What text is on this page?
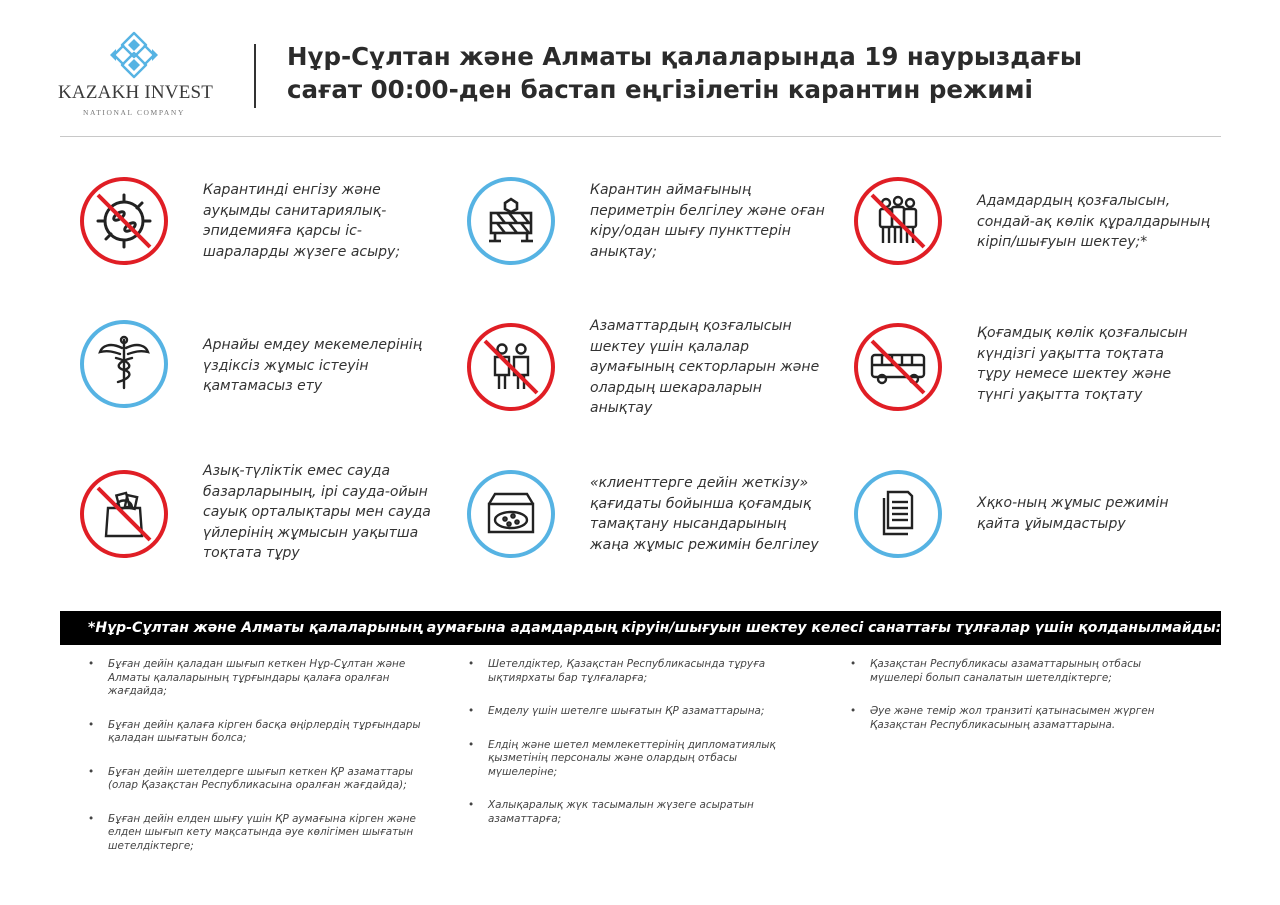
KAZAKH INVEST
NATIONAL COMPANY
Нұр-Сұлтан және Алматы қалаларында 19 наурыздағы
сағат 00:00-ден бастап еңгізілетін карантин режимі
Карантинді енгізу және
ауқымды санитариялық-
эпидемияға қарсы іс-
шараларды жүзеге асыру;
Карантин аймағының
периметрін белгілеу және оған
кіру/одан шығу пункттерін
анықтау;
Адамдардың қозғалысын,
сондай-ақ көлік құралдарының
кіріп/шығуын шектеу;*
Арнайы емдеу мекемелерінің
үздіксіз жұмыс істеуін
қамтамасыз ету
Азаматтардың қозғалысын
шектеу үшін қалалар
аумағының секторларын және
олардың шекараларын
анықтау
Қоғамдық көлік қозғалысын
күндізгі уақытта тоқтата
тұру немесе шектеу және
түнгі уақытта тоқтату
Азық-түліктік емес сауда
базарларының, ірі сауда-ойын
сауық орталықтары мен сауда
үйлерінің жұмысын уақытша
тоқтата тұру
«клиенттерге дейін жеткізу»
қағидаты бойынша қоғамдық
тамақтану нысандарының
жаңа жұмыс режимін белгілеу
Хқко-ның жұмыс режимін
қайта ұйымдастыру
*Нұр-Сұлтан және Алматы қалаларының аумағына адамдардың кіруін/шығуын шектеу келесі санаттағы тұлғалар үшін қолданылмайды:
• Бұған дейін қаладан шығып кеткен Нұр-Сұлтан және
Алматы қалаларының тұрғындары қалаға оралған
жағдайда;
• Бұған дейін қалаға кірген басқа өңірлердің тұрғындары
қаладан шығатын болса;
• Бұған дейін шетелдерге шығып кеткен ҚР азаматтары
(олар Қазақстан Республикасына оралған жағдайда);
• Бұған дейін елден шығу үшін ҚР аумағына кірген және
елден шығып кету мақсатында әуе көлігімен шығатын
шетелдіктерге;
• Шетелдіктер, Қазақстан Республикасында тұруға
ықтиярхаты бар тұлғаларға;
• Емделу үшін шетелге шығатын ҚР азаматтарына;
• Елдің және шетел мемлекеттерінің дипломатиялық
қызметінің персоналы және олардың отбасы
мүшелеріне;
• Халықаралық жүк тасымалын жүзеге асыратын
азаматтарға;
• Қазақстан Республикасы азаматтарының отбасы
мүшелері болып саналатын шетелдіктерге;
• Әуе және темір жол транзиті қатынасымен жүрген
Қазақстан Республикасының азаматтарына.
